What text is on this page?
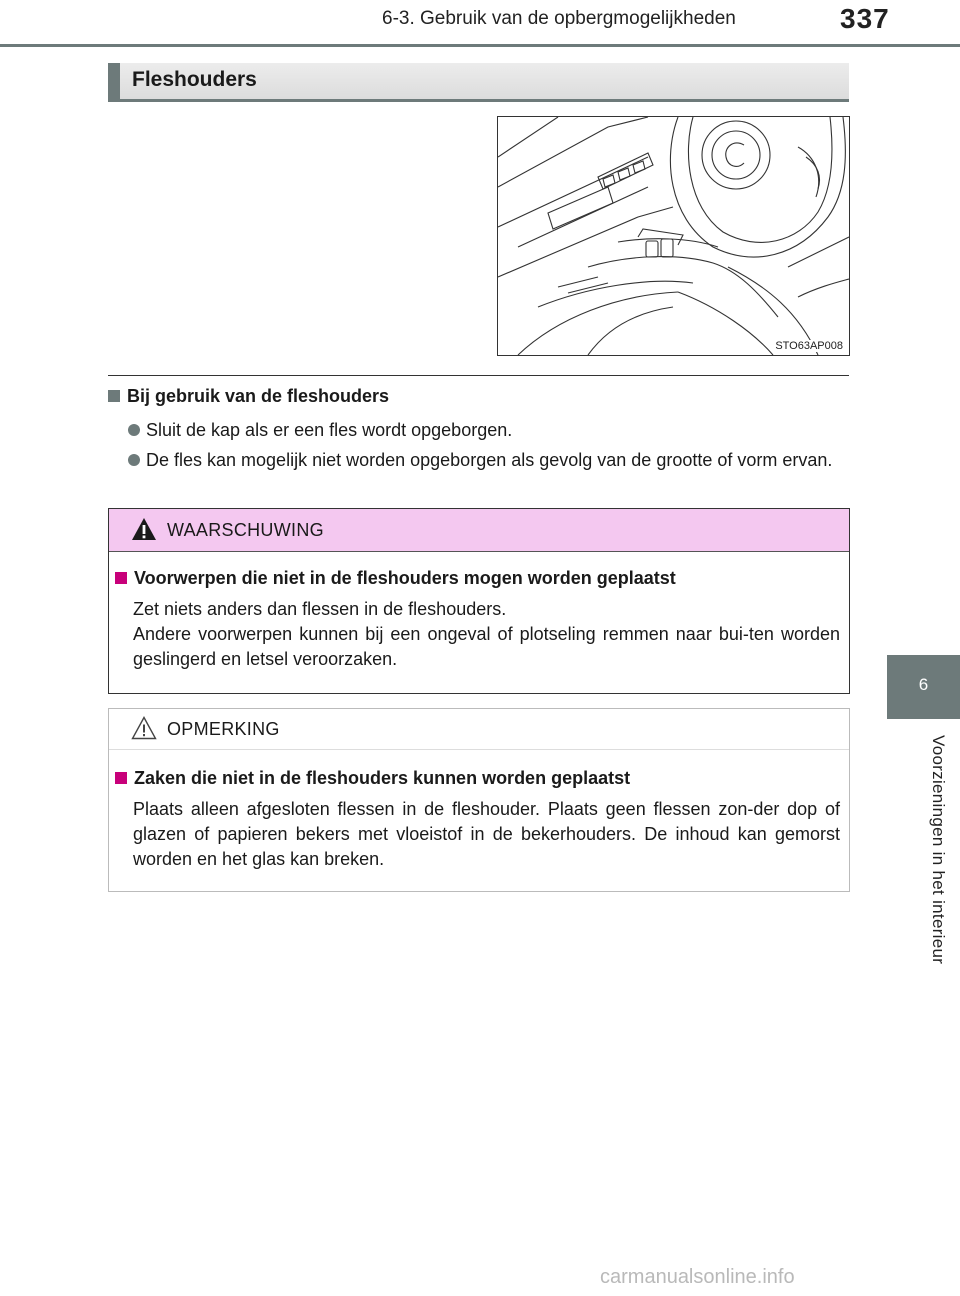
6-3. Gebruik van de opbergmogelijkheden	337
6
Voorzieningen in het interieur
Fleshouders
STO63AP008
Bij gebruik van de fleshouders
Sluit de kap als er een fles wordt opgeborgen.
De fles kan mogelijk niet worden opgeborgen als gevolg van de grootte of vorm ervan.
WAARSCHUWING
Voorwerpen die niet in de fleshouders mogen worden geplaatst
Zet niets anders dan flessen in de fleshouders.
Andere voorwerpen kunnen bij een ongeval of plotseling remmen naar bui-ten worden geslingerd en letsel veroorzaken.
OPMERKING
Zaken die niet in de fleshouders kunnen worden geplaatst
Plaats alleen afgesloten flessen in de fleshouder. Plaats geen flessen zon-der dop of glazen of papieren bekers met vloeistof in de bekerhouders. De inhoud kan gemorst worden en het glas kan breken.
carmanualsonline.info
